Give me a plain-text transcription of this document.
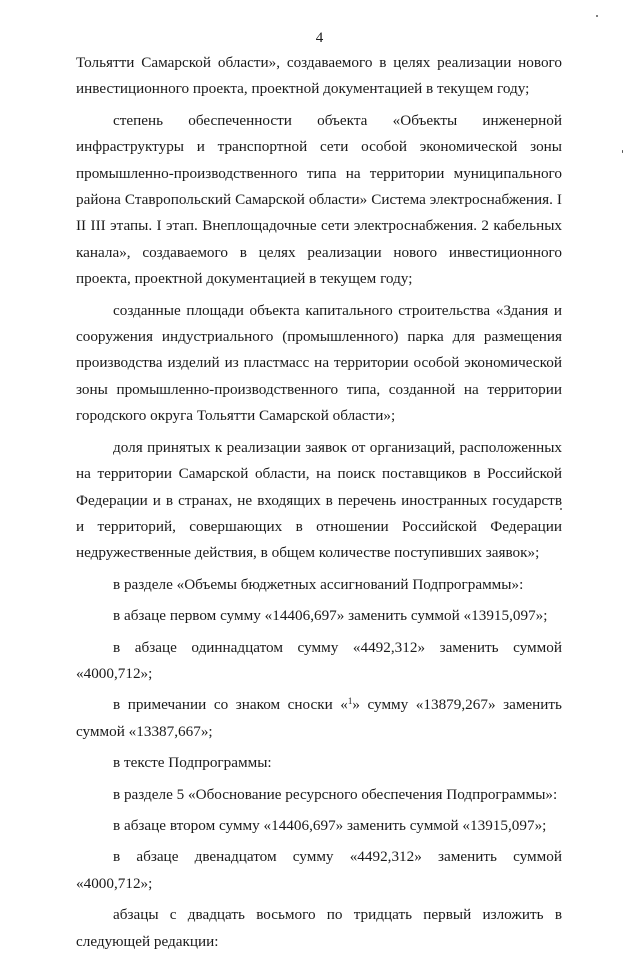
4

Тольятти Самарской области», создаваемого в целях реализации нового инвестиционного проекта, проектной документацией в текущем году;

степень обеспеченности объекта «Объекты инженерной инфраструктуры и транспортной сети особой экономической зоны промышленно-производственного типа на территории муниципального района Ставропольский Самарской области» Система электроснабжения. I II III этапы. I этап. Внеплощадочные сети электроснабжения. 2 кабельных канала», создаваемого в целях реализации нового инвестиционного проекта, проектной документацией в текущем году;

созданные площади объекта капитального строительства «Здания и сооружения индустриального (промышленного) парка для размещения производства изделий из пластмасс на территории особой экономической зоны промышленно-производственного типа, созданной на территории городского округа Тольятти Самарской области»;

доля принятых к реализации заявок от организаций, расположенных на территории Самарской области, на поиск поставщиков в Российской Федерации и в странах, не входящих в перечень иностранных государств и территорий, совершающих в отношении Российской Федерации недружественные действия, в общем количестве поступивших заявок»;

в разделе «Объемы бюджетных ассигнований Подпрограммы»:

в абзаце первом сумму «14406,697» заменить суммой «13915,097»;

в абзаце одиннадцатом сумму «4492,312» заменить суммой «4000,712»;

в примечании со знаком сноски «$^1$» сумму «13879,267» заменить суммой «13387,667»;

в тексте Подпрограммы:

в разделе 5 «Обоснование ресурсного обеспечения Подпрограммы»:

в абзаце втором сумму «14406,697» заменить суммой «13915,097»;

в абзаце двенадцатом сумму «4492,312» заменить суммой «4000,712»;

абзацы с двадцать восьмого по тридцать первый изложить в следующей редакции:
